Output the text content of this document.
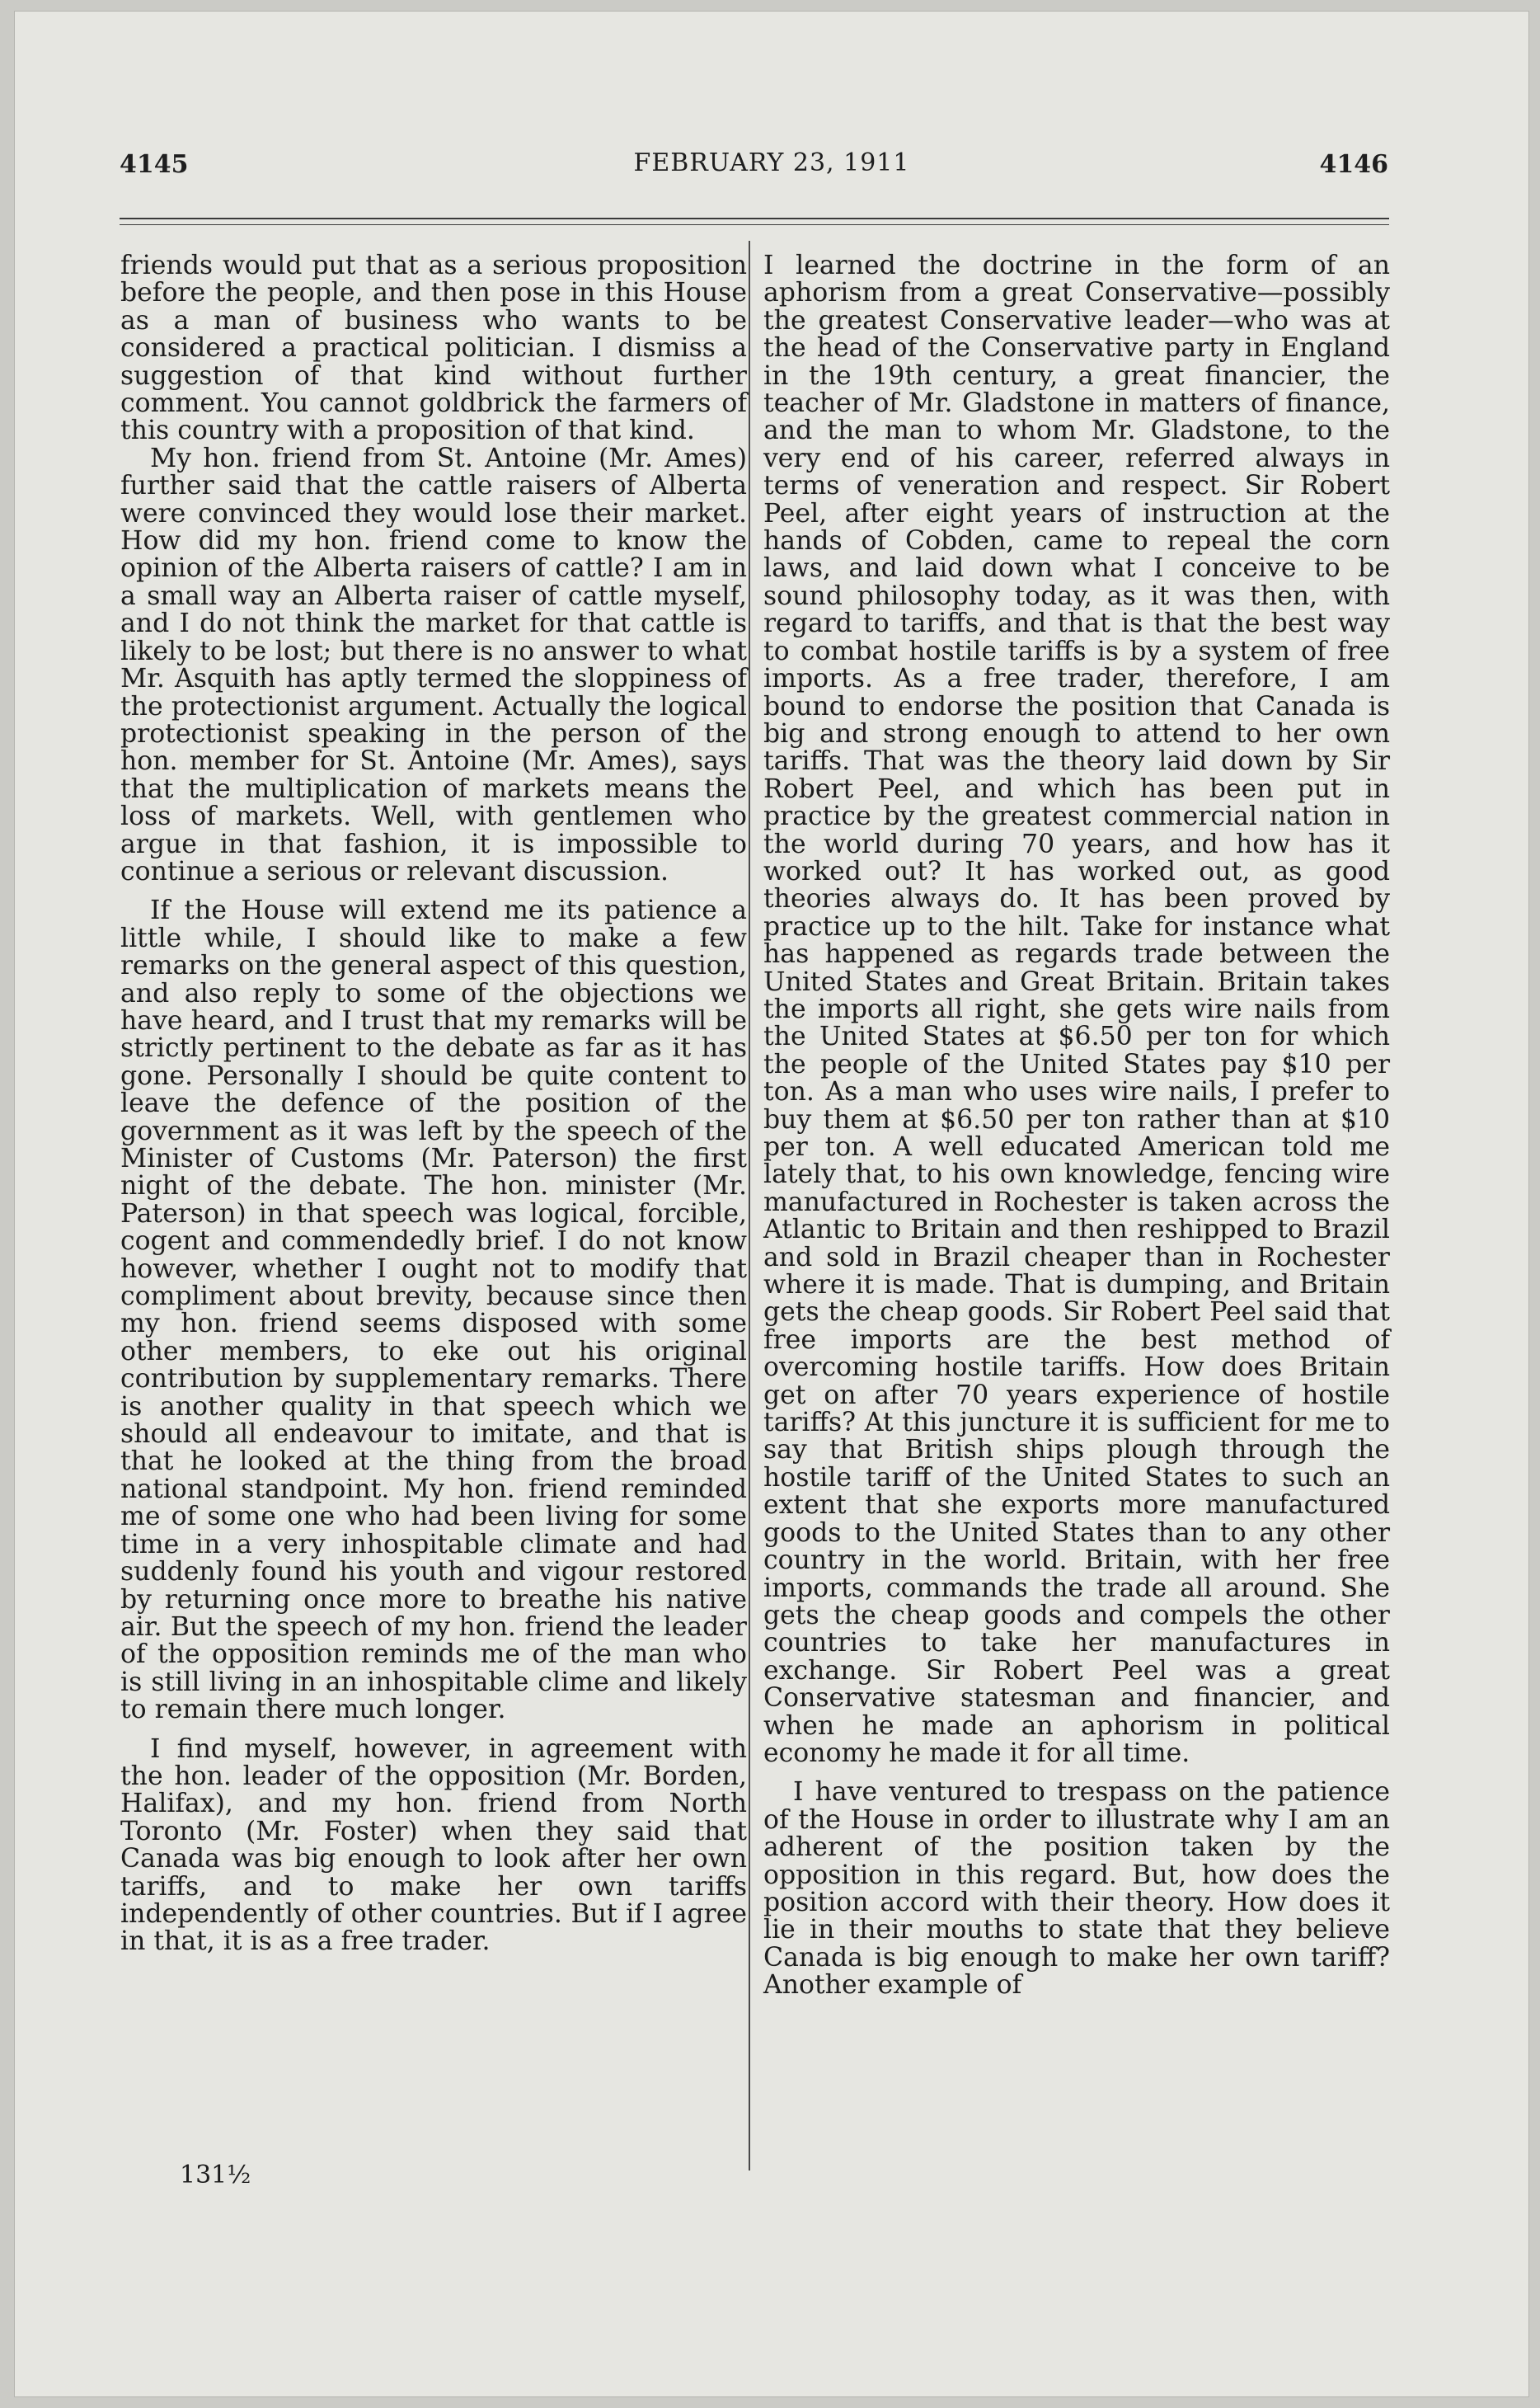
4145	FEBRUARY 23, 1911	4146

friends would put that as a serious proposition before the people, and then pose in this House as a man of business who wants to be considered a practical politician. I dismiss a suggestion of that kind without further comment. You cannot goldbrick the farmers of this country with a proposition of that kind.

My hon. friend from St. Antoine (Mr. Ames) further said that the cattle raisers of Alberta were convinced they would lose their market. How did my hon. friend come to know the opinion of the Alberta raisers of cattle? I am in a small way an Alberta raiser of cattle myself, and I do not think the market for that cattle is likely to be lost; but there is no answer to what Mr. Asquith has aptly termed the sloppiness of the protectionist argument. Actually the logical protectionist speaking in the person of the hon. member for St. Antoine (Mr. Ames), says that the multiplication of markets means the loss of markets. Well, with gentlemen who argue in that fashion, it is impossible to continue a serious or relevant discussion.

If the House will extend me its patience a little while, I should like to make a few remarks on the general aspect of this question, and also reply to some of the objections we have heard, and I trust that my remarks will be strictly pertinent to the debate as far as it has gone. Personally I should be quite content to leave the defence of the position of the government as it was left by the speech of the Minister of Customs (Mr. Paterson) the first night of the debate. The hon. minister (Mr. Paterson) in that speech was logical, forcible, cogent and commendedly brief. I do not know however, whether I ought not to modify that compliment about brevity, because since then my hon. friend seems disposed with some other members, to eke out his original contribution by supplementary remarks. There is another quality in that speech which we should all endeavour to imitate, and that is that he looked at the thing from the broad national standpoint. My hon. friend reminded me of some one who had been living for some time in a very inhospitable climate and had suddenly found his youth and vigour restored by returning once more to breathe his native air. But the speech of my hon. friend the leader of the opposition reminds me of the man who is still living in an inhospitable clime and likely to remain there much longer.

I find myself, however, in agreement with the hon. leader of the opposition (Mr. Borden, Halifax), and my hon. friend from North Toronto (Mr. Foster) when they said that Canada was big enough to look after her own tariffs, and to make her own tariffs independently of other countries. But if I agree in that, it is as a free trader.

I learned the doctrine in the form of an aphorism from a great Conservative—possibly the greatest Conservative leader—who was at the head of the Conservative party in England in the 19th century, a great financier, the teacher of Mr. Gladstone in matters of finance, and the man to whom Mr. Gladstone, to the very end of his career, referred always in terms of veneration and respect. Sir Robert Peel, after eight years of instruction at the hands of Cobden, came to repeal the corn laws, and laid down what I conceive to be sound philosophy today, as it was then, with regard to tariffs, and that is that the best way to combat hostile tariffs is by a system of free imports. As a free trader, therefore, I am bound to endorse the position that Canada is big and strong enough to attend to her own tariffs. That was the theory laid down by Sir Robert Peel, and which has been put in practice by the greatest commercial nation in the world during 70 years, and how has it worked out? It has worked out, as good theories always do. It has been proved by practice up to the hilt. Take for instance what has happened as regards trade between the United States and Great Britain. Britain takes the imports all right, she gets wire nails from the United States at $6.50 per ton for which the people of the United States pay $10 per ton. As a man who uses wire nails, I prefer to buy them at $6.50 per ton rather than at $10 per ton. A well educated American told me lately that, to his own knowledge, fencing wire manufactured in Rochester is taken across the Atlantic to Britain and then reshipped to Brazil and sold in Brazil cheaper than in Rochester where it is made. That is dumping, and Britain gets the cheap goods. Sir Robert Peel said that free imports are the best method of overcoming hostile tariffs. How does Britain get on after 70 years experience of hostile tariffs? At this juncture it is sufficient for me to say that British ships plough through the hostile tariff of the United States to such an extent that she exports more manufactured goods to the United States than to any other country in the world. Britain, with her free imports, commands the trade all around. She gets the cheap goods and compels the other countries to take her manufactures in exchange. Sir Robert Peel was a great Conservative statesman and financier, and when he made an aphorism in political economy he made it for all time.

I have ventured to trespass on the patience of the House in order to illustrate why I am an adherent of the position taken by the opposition in this regard. But, how does the position accord with their theory. How does it lie in their mouths to state that they believe Canada is big enough to make her own tariff? Another example of

131½
